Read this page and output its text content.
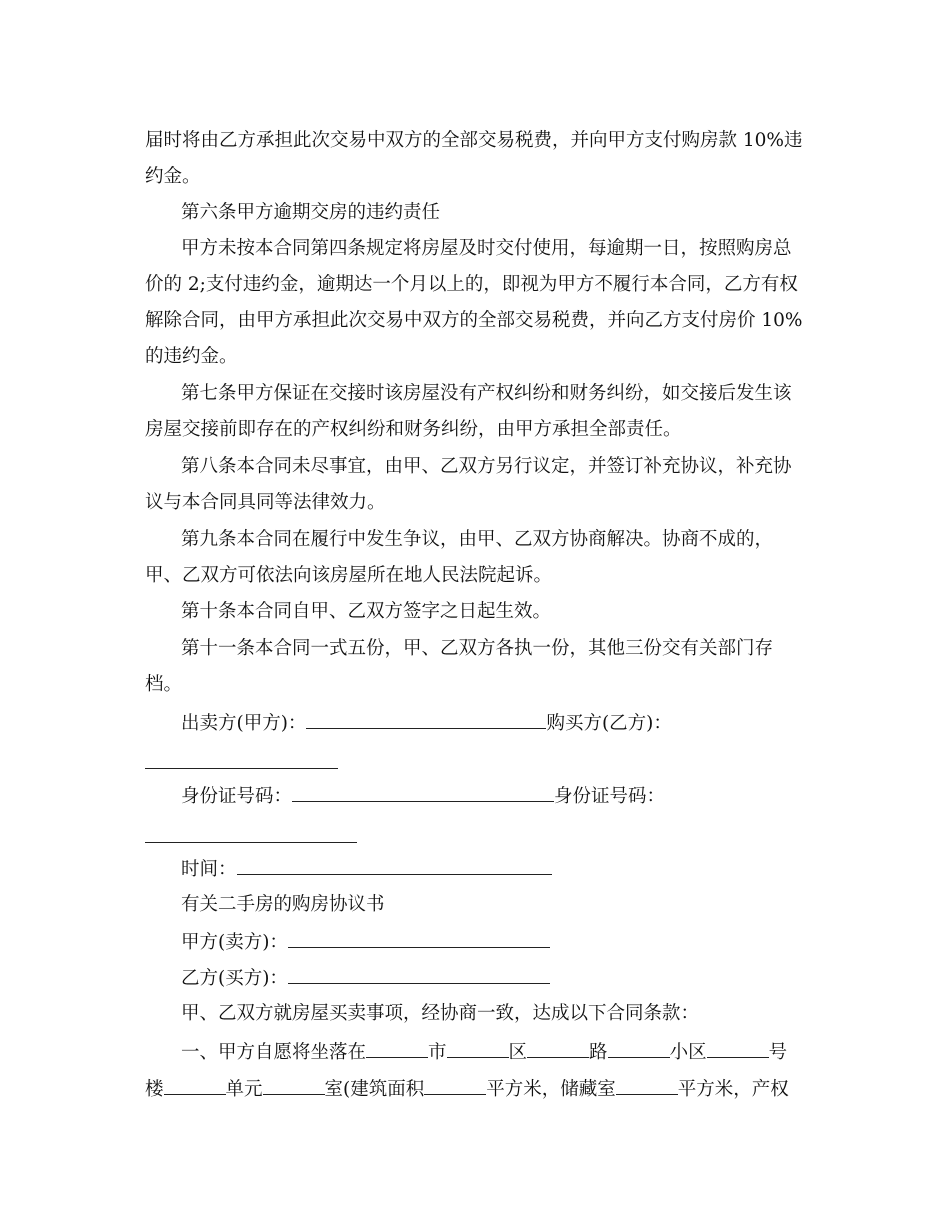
届时将由乙方承担此次交易中双方的全部交易税费，并向甲方支付购房款 10%违
约金。
第六条甲方逾期交房的违约责任
甲方未按本合同第四条规定将房屋及时交付使用，每逾期一日，按照购房总
价的 2;支付违约金，逾期达一个月以上的，即视为甲方不履行本合同，乙方有权
解除合同，由甲方承担此次交易中双方的全部交易税费，并向乙方支付房价 10%
的违约金。
第七条甲方保证在交接时该房屋没有产权纠纷和财务纠纷，如交接后发生该
房屋交接前即存在的产权纠纷和财务纠纷，由甲方承担全部责任。
第八条本合同未尽事宜，由甲、乙双方另行议定，并签订补充协议，补充协
议与本合同具同等法律效力。
第九条本合同在履行中发生争议，由甲、乙双方协商解决。协商不成的，
甲、乙双方可依法向该房屋所在地人民法院起诉。
第十条本合同自甲、乙双方签字之日起生效。
第十一条本合同一式五份，甲、乙双方各执一份，其他三份交有关部门存
档。
出卖方(甲方)：	购买方(乙方)：
身份证号码：	身份证号码：
时间：
有关二手房的购房协议书
甲方(卖方)：
乙方(买方)：
甲、乙双方就房屋买卖事项，经协商一致，达成以下合同条款：
一、甲方自愿将坐落在	市	区	路	小区	号
楼	单元	室(建筑面积	平方米，储藏室	平方米，产权
